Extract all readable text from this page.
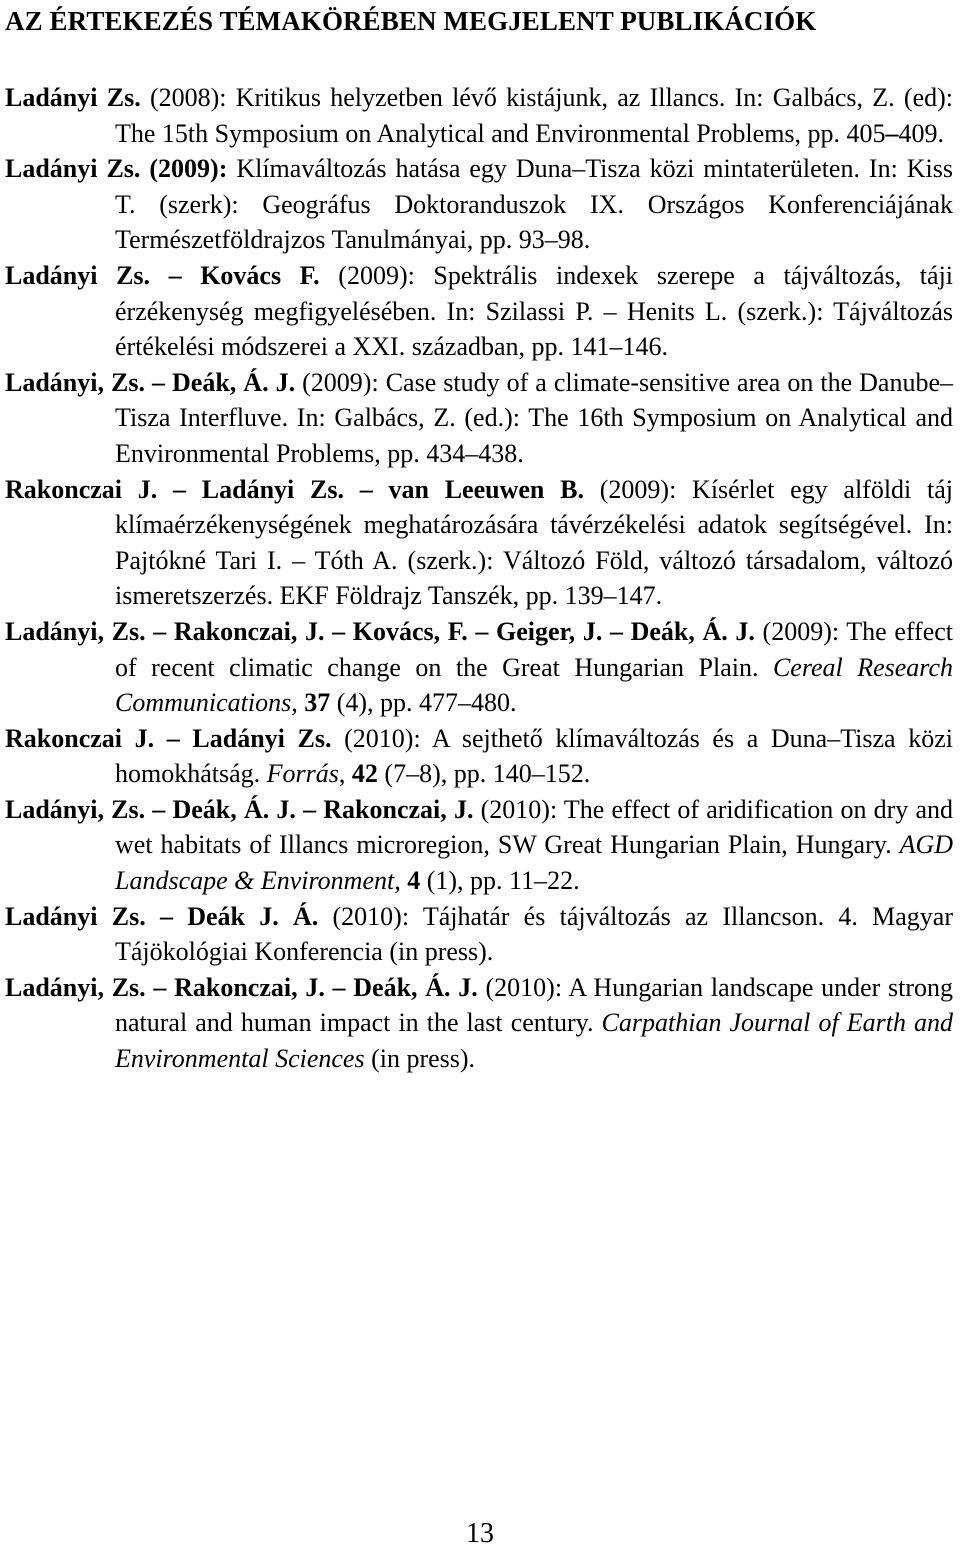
AZ ÉRTEKEZÉS TÉMAKÖRÉBEN MEGJELENT PUBLIKÁCIÓK

Ladányi Zs. (2008): Kritikus helyzetben lévő kistájunk, az Illancs. In: Galbács, Z. (ed): The 15th Symposium on Analytical and Environmental Problems, pp. 405–409.

Ladányi Zs. (2009): Klímaváltozás hatása egy Duna–Tisza közi mintaterületen. In: Kiss T. (szerk): Geográfus Doktoranduszok IX. Országos Konferenciájának Természetföldrajzos Tanulmányai, pp. 93–98.

Ladányi Zs. – Kovács F. (2009): Spektrális indexek szerepe a tájváltozás, táji érzékenység megfigyelésében. In: Szilassi P. – Henits L. (szerk.): Tájváltozás értékelési módszerei a XXI. században, pp. 141–146.

Ladányi, Zs. – Deák, Á. J. (2009): Case study of a climate-sensitive area on the Danube–Tisza Interfluve. In: Galbács, Z. (ed.): The 16th Symposium on Analytical and Environmental Problems, pp. 434–438.

Rakonczai J. – Ladányi Zs. – van Leeuwen B. (2009): Kísérlet egy alföldi táj klímaérzékenységének meghatározására távérzékelési adatok segítségével. In: Pajtókné Tari I. – Tóth A. (szerk.): Változó Föld, változó társadalom, változó ismeretszerzés. EKF Földrajz Tanszék, pp. 139–147.

Ladányi, Zs. – Rakonczai, J. – Kovács, F. – Geiger, J. – Deák, Á. J. (2009): The effect of recent climatic change on the Great Hungarian Plain. Cereal Research Communications, 37 (4), pp. 477–480.

Rakonczai J. – Ladányi Zs. (2010): A sejthető klímaváltozás és a Duna–Tisza közi homokhátság. Forrás, 42 (7–8), pp. 140–152.

Ladányi, Zs. – Deák, Á. J. – Rakonczai, J. (2010): The effect of aridification on dry and wet habitats of Illancs microregion, SW Great Hungarian Plain, Hungary. AGD Landscape & Environment, 4 (1), pp. 11–22.

Ladányi Zs. – Deák J. Á. (2010): Tájhatár és tájváltozás az Illancson. 4. Magyar Tájökológiai Konferencia (in press).

Ladányi, Zs. – Rakonczai, J. – Deák, Á. J. (2010): A Hungarian landscape under strong natural and human impact in the last century. Carpathian Journal of Earth and Environmental Sciences (in press).

13
